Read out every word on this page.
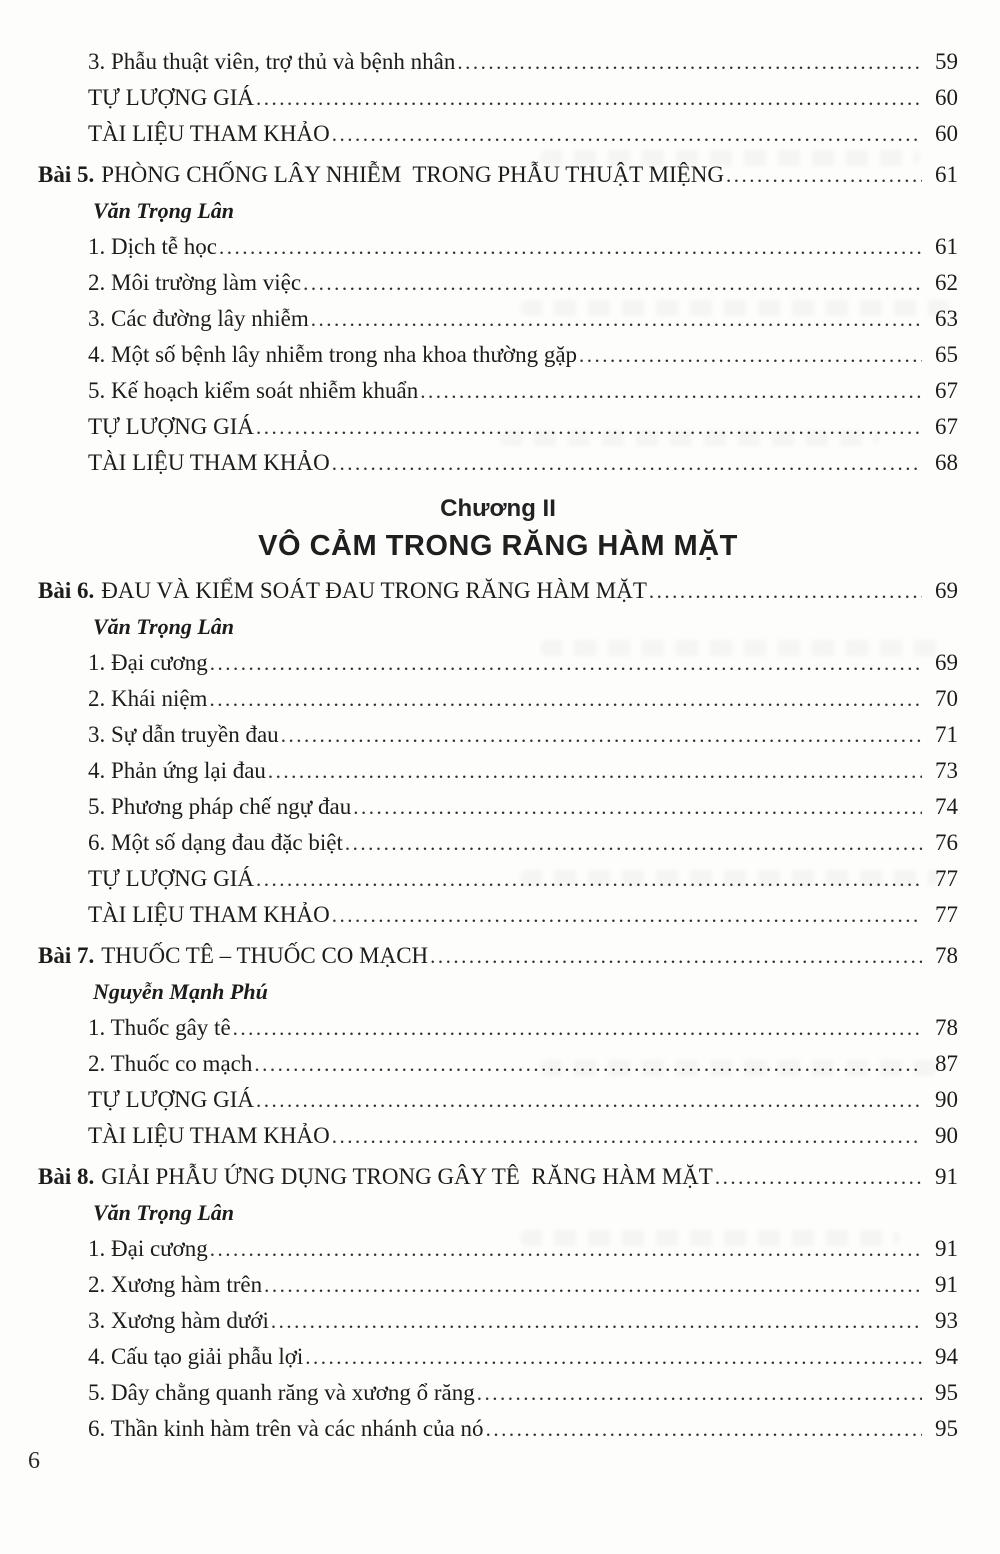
3. Phẫu thuật viên, trợ thủ và bệnh nhân .....	59
TỰ LƯỢNG GIÁ .....	60
TÀI LIỆU THAM KHẢO .....	60
Bài 5. PHÒNG CHỐNG LÂY NHIỄM  TRONG PHẪU THUẬT MIỆNG .....	61
Văn Trọng Lân
1. Dịch tễ học .....	61
2. Môi trường làm việc .....	62
3. Các đường lây nhiễm .....	63
4. Một số bệnh lây nhiễm trong nha khoa thường gặp .....	65
5. Kế hoạch kiểm soát nhiễm khuẩn .....	67
TỰ LƯỢNG GIÁ .....	67
TÀI LIỆU THAM KHẢO .....	68
Chương II
VÔ CẢM TRONG RĂNG HÀM MẶT
Bài 6. ĐAU VÀ KIỂM SOÁT ĐAU TRONG RĂNG HÀM MẶT .....	69
Văn Trọng Lân
1. Đại cương .....	69
2. Khái niệm .....	70
3. Sự dẫn truyền đau .....	71
4. Phản ứng lại đau .....	73
5. Phương pháp chế ngự đau .....	74
6. Một số dạng đau đặc biệt .....	76
TỰ LƯỢNG GIÁ .....	77
TÀI LIỆU THAM KHẢO .....	77
Bài 7. THUỐC TÊ – THUỐC CO MẠCH .....	78
Nguyễn Mạnh Phú
1. Thuốc gây tê .....	78
2. Thuốc co mạch .....	87
TỰ LƯỢNG GIÁ .....	90
TÀI LIỆU THAM KHẢO .....	90
Bài 8. GIẢI PHẪU ỨNG DỤNG TRONG GÂY TÊ  RĂNG HÀM MẶT .....	91
Văn Trọng Lân
1. Đại cương .....	91
2. Xương hàm trên .....	91
3. Xương hàm dưới .....	93
4. Cấu tạo giải phẫu lợi .....	94
5. Dây chằng quanh răng và xương ổ răng .....	95
6. Thần kinh hàm trên và các nhánh của nó .....	95
6
